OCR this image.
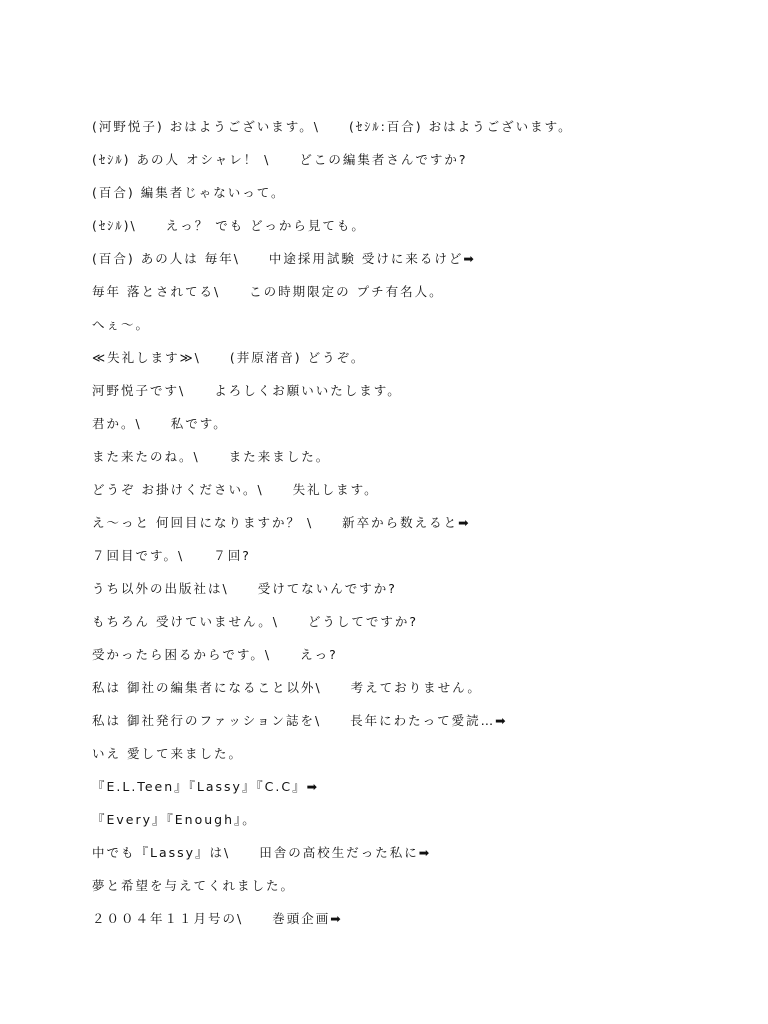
(河野悦子) おはようございます。\　　(ｾｼﾙ:百合) おはようございます。
(ｾｼﾙ) あの人 オシャレ！ \　　どこの編集者さんですか?
(百合) 編集者じゃないって。
(ｾｼﾙ)\　　えっ？ でも どっから見ても。
(百合) あの人は 毎年\　　中途採用試験 受けに来るけど➡
毎年 落とされてる\　　この時期限定の プチ有名人。
へぇ～。
≪失礼します≫\　　(茾原渚音) どうぞ。
河野悦子です\　　よろしくお願いいたします。
君か。\　　私です。
また来たのね。\　　また来ました。
どうぞ お掛けください。\　　失礼します。
え～っと 何回目になりますか？ \　　新卒から数えると➡
７回目です。\　　７回?
うち以外の出版社は\　　受けてないんですか?
もちろん 受けていません。\　　どうしてですか?
受かったら困るからです。\　　えっ?
私は 御社の編集者になること以外\　　考えておりません。
私は 御社発行のファッション誌を\　　長年にわたって愛読…➡
いえ 愛して来ました。
『E.L.Teen』『Lassy』『C.C』➡
『Every』『Enough』。
中でも『Lassy』は\　　田舎の高校生だった私に➡
夢と希望を与えてくれました。
２００４年１１月号の\　　巻頭企画➡
